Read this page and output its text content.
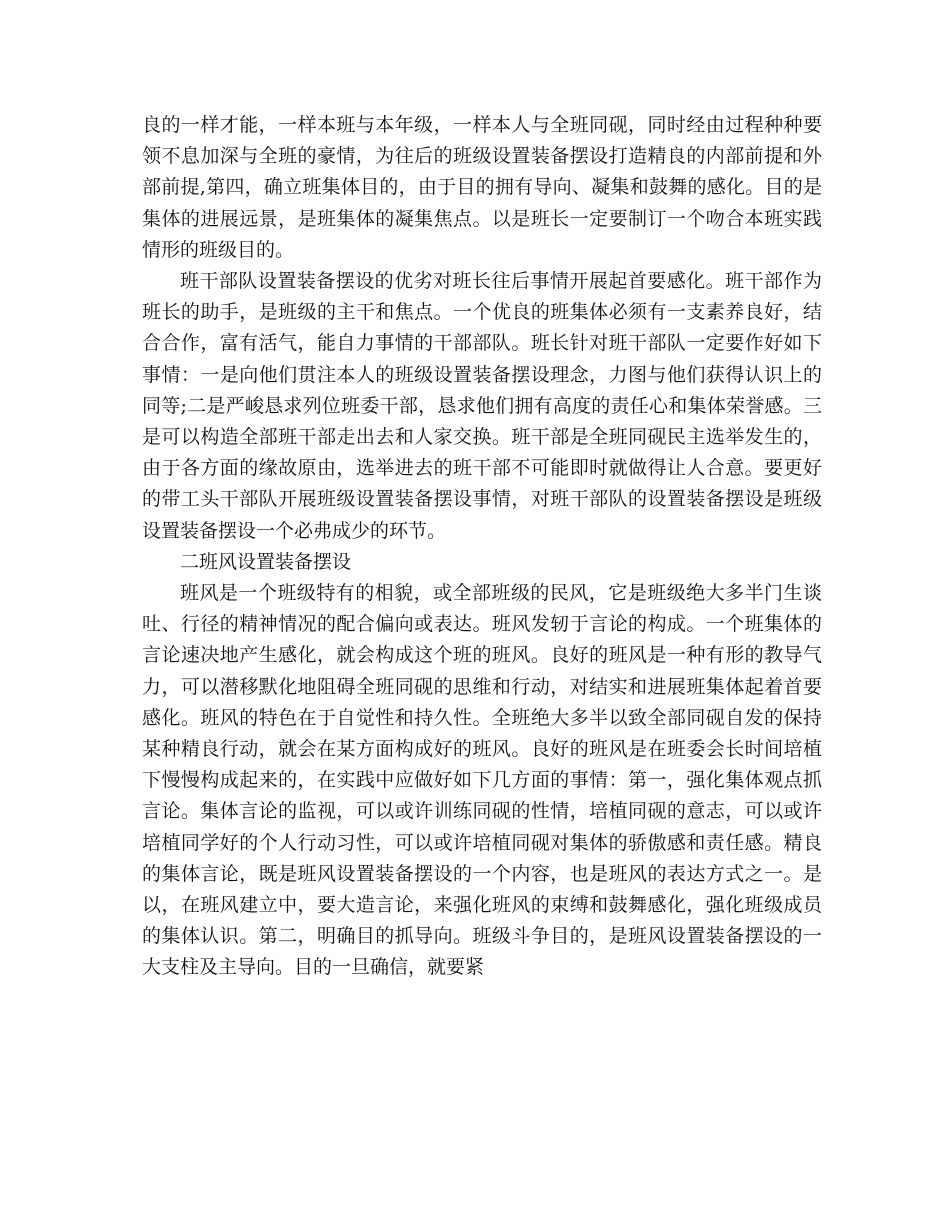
良的一样才能，一样本班与本年级，一样本人与全班同砚，同时经由过程种种要领不息加深与全班的豪情，为往后的班级设置装备摆设打造精良的内部前提和外部前提,第四，确立班集体目的，由于目的拥有导向、凝集和鼓舞的感化。目的是集体的进展远景，是班集体的凝集焦点。以是班长一定要制订一个吻合本班实践情形的班级目的。

班干部队设置装备摆设的优劣对班长往后事情开展起首要感化。班干部作为班长的助手，是班级的主干和焦点。一个优良的班集体必须有一支素养良好，结合合作，富有活气，能自力事情的干部部队。班长针对班干部队一定要作好如下事情：一是向他们贯注本人的班级设置装备摆设理念，力图与他们获得认识上的同等;二是严峻恳求列位班委干部，恳求他们拥有高度的责任心和集体荣誉感。三是可以构造全部班干部走出去和人家交换。班干部是全班同砚民主选举发生的，由于各方面的缘故原由，选举进去的班干部不可能即时就做得让人合意。要更好的带工头干部队开展班级设置装备摆设事情，对班干部队的设置装备摆设是班级设置装备摆设一个必弗成少的环节。

二班风设置装备摆设

班风是一个班级特有的相貌，或全部班级的民风，它是班级绝大多半门生谈吐、行径的精神情况的配合偏向或表达。班风发轫于言论的构成。一个班集体的言论速决地产生感化，就会构成这个班的班风。良好的班风是一种有形的教导气力，可以潜移默化地阻碍全班同砚的思维和行动，对结实和进展班集体起着首要感化。班风的特色在于自觉性和持久性。全班绝大多半以致全部同砚自发的保持某种精良行动，就会在某方面构成好的班风。良好的班风是在班委会长时间培植下慢慢构成起来的，在实践中应做好如下几方面的事情：第一，强化集体观点抓言论。集体言论的监视，可以或许训练同砚的性情，培植同砚的意志，可以或许培植同学好的个人行动习性，可以或许培植同砚对集体的骄傲感和责任感。精良的集体言论，既是班风设置装备摆设的一个内容，也是班风的表达方式之一。是以，在班风建立中，要大造言论，来强化班风的束缚和鼓舞感化，强化班级成员的集体认识。第二，明确目的抓导向。班级斗争目的，是班风设置装备摆设的一大支柱及主导向。目的一旦确信，就要紧
